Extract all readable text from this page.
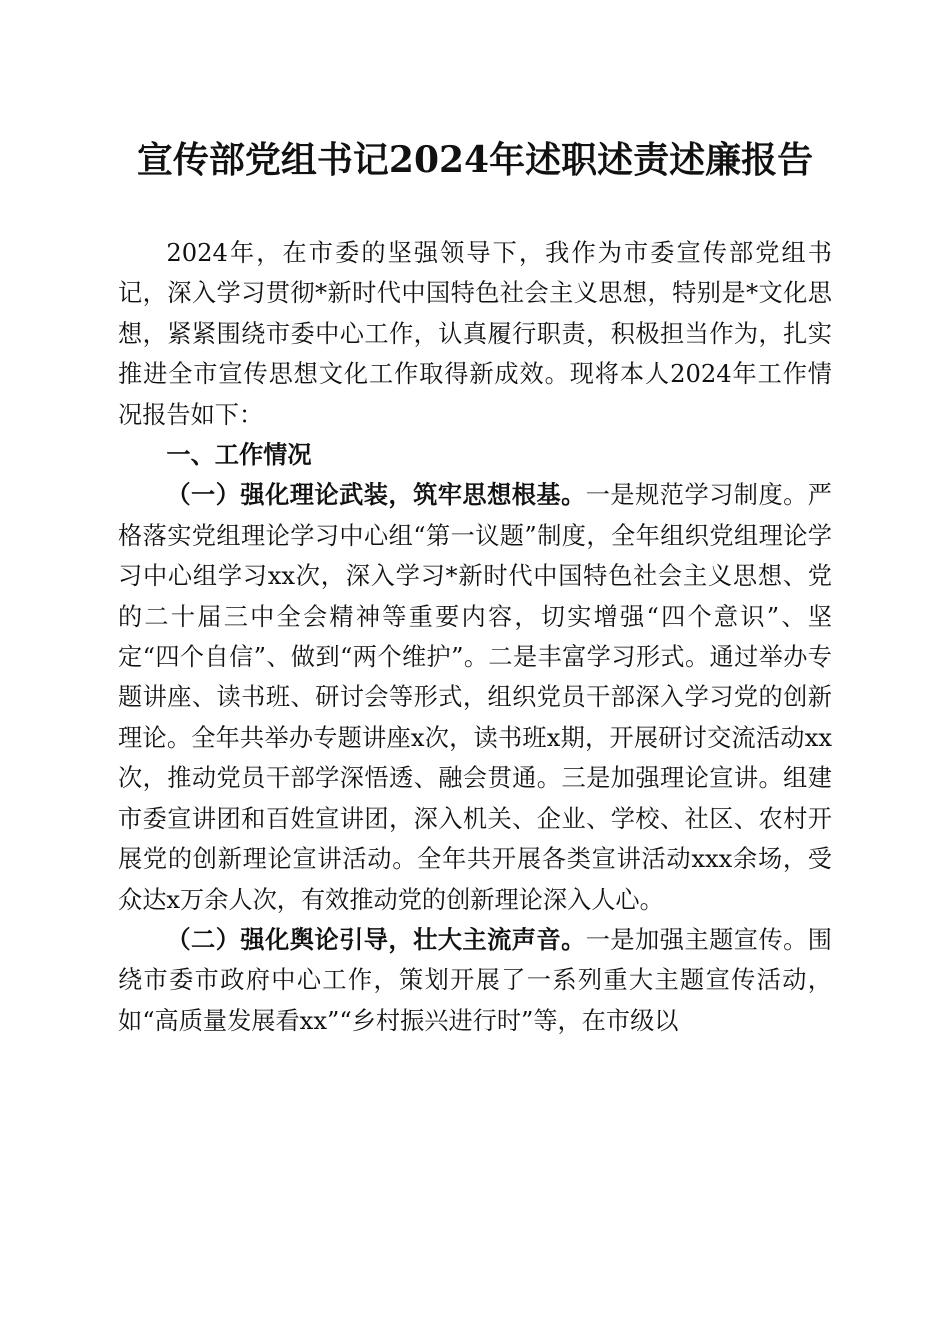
宣传部党组书记2024年述职述责述廉报告

2024年，在市委的坚强领导下，我作为市委宣传部党组书记，深入学习贯彻*新时代中国特色社会主义思想，特别是*文化思想，紧紧围绕市委中心工作，认真履行职责，积极担当作为，扎实推进全市宣传思想文化工作取得新成效。现将本人2024年工作情况报告如下：

一、工作情况

（一）强化理论武装，筑牢思想根基。一是规范学习制度。严格落实党组理论学习中心组“第一议题”制度，全年组织党组理论学习中心组学习xx次，深入学习*新时代中国特色社会主义思想、党的二十届三中全会精神等重要内容，切实增强“四个意识”、坚定“四个自信”、做到“两个维护”。二是丰富学习形式。通过举办专题讲座、读书班、研讨会等形式，组织党员干部深入学习党的创新理论。全年共举办专题讲座x次，读书班x期，开展研讨交流活动xx次，推动党员干部学深悟透、融会贯通。三是加强理论宣讲。组建市委宣讲团和百姓宣讲团，深入机关、企业、学校、社区、农村开展党的创新理论宣讲活动。全年共开展各类宣讲活动xxx余场，受众达x万余人次，有效推动党的创新理论深入人心。

（二）强化舆论引导，壮大主流声音。一是加强主题宣传。围绕市委市政府中心工作，策划开展了一系列重大主题宣传活动，如“高质量发展看xx”“乡村振兴进行时”等，在市级以
